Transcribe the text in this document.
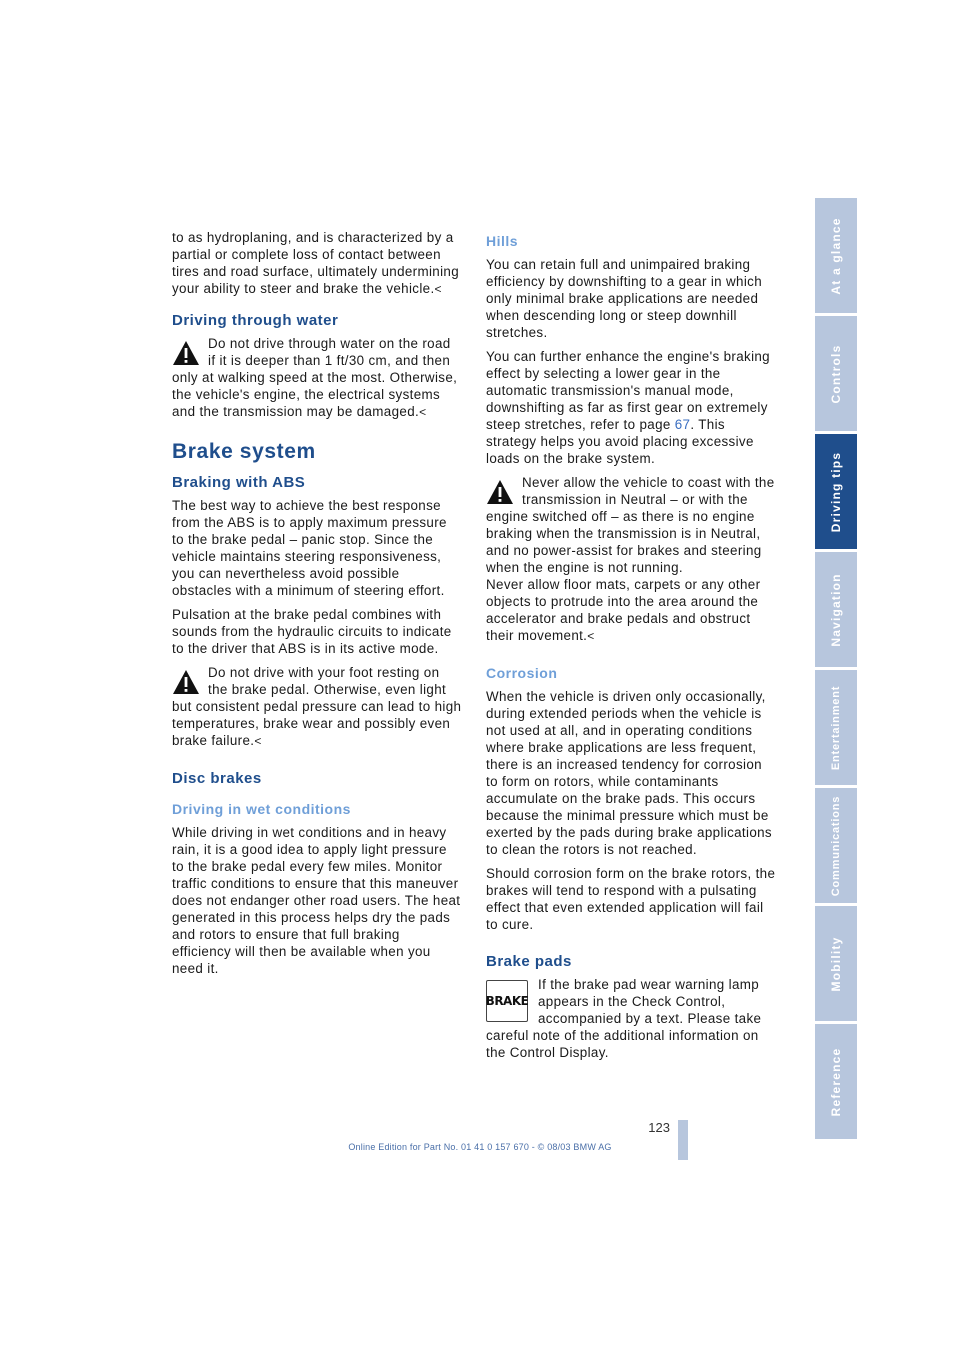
to as hydroplaning, and is characterized by a partial or complete loss of contact between tires and road surface, ultimately undermining your ability to steer and brake the vehicle.<

Driving through water
Do not drive through water on the road if it is deeper than 1 ft/30 cm, and then only at walking speed at the most. Otherwise, the vehicle's engine, the electrical systems and the transmission may be damaged.<
Brake system
Braking with ABS

The best way to achieve the best response from the ABS is to apply maximum pressure to the brake pedal – panic stop. Since the vehicle maintains steering responsiveness, you can nevertheless avoid possible obstacles with a minimum of steering effort.

Pulsation at the brake pedal combines with sounds from the hydraulic circuits to indicate to the driver that ABS is in its active mode.

Do not drive with your foot resting on the brake pedal. Otherwise, even light but consistent pedal pressure can lead to high temperatures, brake wear and possibly even brake failure.<
Disc brakes
Driving in wet conditions

While driving in wet conditions and in heavy rain, it is a good idea to apply light pressure to the brake pedal every few miles. Monitor traffic conditions to ensure that this maneuver does not endanger other road users. The heat generated in this process helps dry the pads and rotors to ensure that full braking efficiency will then be available when you need it.

Hills

You can retain full and unimpaired braking efficiency by downshifting to a gear in which only minimal brake applications are needed when descending long or steep downhill stretches.

You can further enhance the engine's braking effect by selecting a lower gear in the automatic transmission's manual mode, downshifting as far as first gear on extremely steep stretches, refer to page 67. This strategy helps you avoid placing excessive loads on the brake system.

Never allow the vehicle to coast with the transmission in Neutral – or with the engine switched off – as there is no engine braking when the transmission is in Neutral, and no power-assist for brakes and steering when the engine is not running.
Never allow floor mats, carpets or any other objects to protrude into the area around the accelerator and brake pedals and obstruct their movement.<
Corrosion

When the vehicle is driven only occasionally, during extended periods when the vehicle is not used at all, and in operating conditions where brake applications are less frequent, there is an increased tendency for corrosion to form on rotors, while contaminants accumulate on the brake pads. This occurs because the minimal pressure which must be exerted by the pads during brake applications to clean the rotors is not reached.

Should corrosion form on the brake rotors, the brakes will tend to respond with a pulsating effect that even extended application will fail to cure.

Brake pads
BRAKE
If the brake pad wear warning lamp appears in the Check Control, accompanied by a text. Please take careful note of the additional information on the Control Display.
At a glance
Controls
Driving tips
Navigation
Entertainment
Communications
Mobility
Reference
123
Online Edition for Part No. 01 41 0 157 670 - © 08/03 BMW AG
